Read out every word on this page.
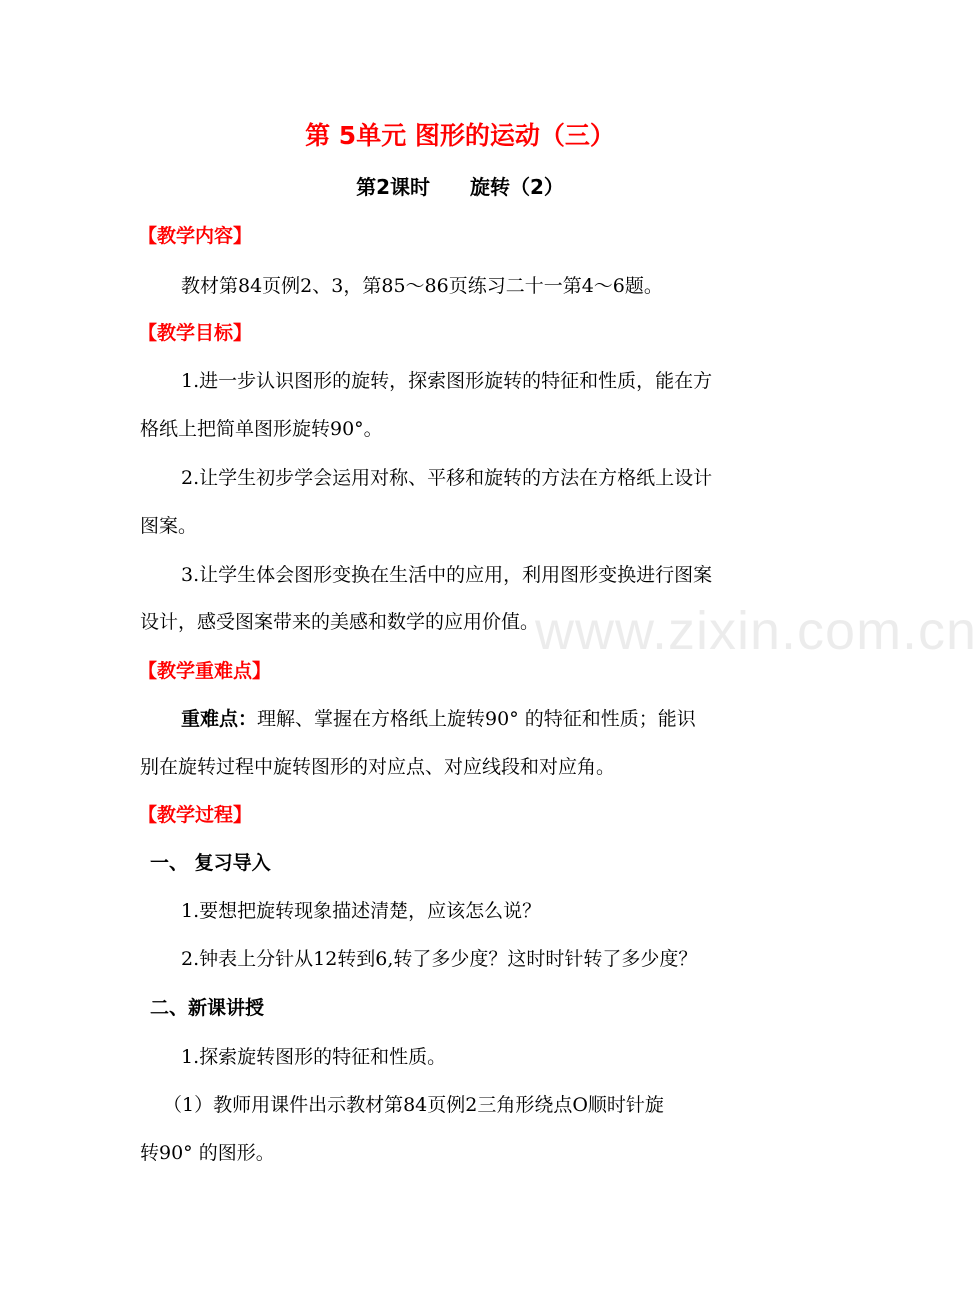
第 5单元 图形的运动（三）
第2课时 旋转（2）
【教学内容】
教材第84页例2、3，第85～86页练习二十一第4～6题。
【教学目标】
1.进一步认识图形的旋转，探索图形旋转的特征和性质，能在方
格纸上把简单图形旋转90°。
2.让学生初步学会运用对称、平移和旋转的方法在方格纸上设计
图案。
3.让学生体会图形变换在生活中的应用，利用图形变换进行图案
设计，感受图案带来的美感和数学的应用价值。
【教学重难点】
重难点：理解、掌握在方格纸上旋转90° 的特征和性质；能识
别在旋转过程中旋转图形的对应点、对应线段和对应角。
【教学过程】
一、 复习导入
1.要想把旋转现象描述清楚，应该怎么说？
2.钟表上分针从12转到6,转了多少度？这时时针转了多少度？
二、新课讲授
1.探索旋转图形的特征和性质。
（1）教师用课件出示教材第84页例2三角形绕点O顺时针旋
转90° 的图形。
www.zixin.com.cn
